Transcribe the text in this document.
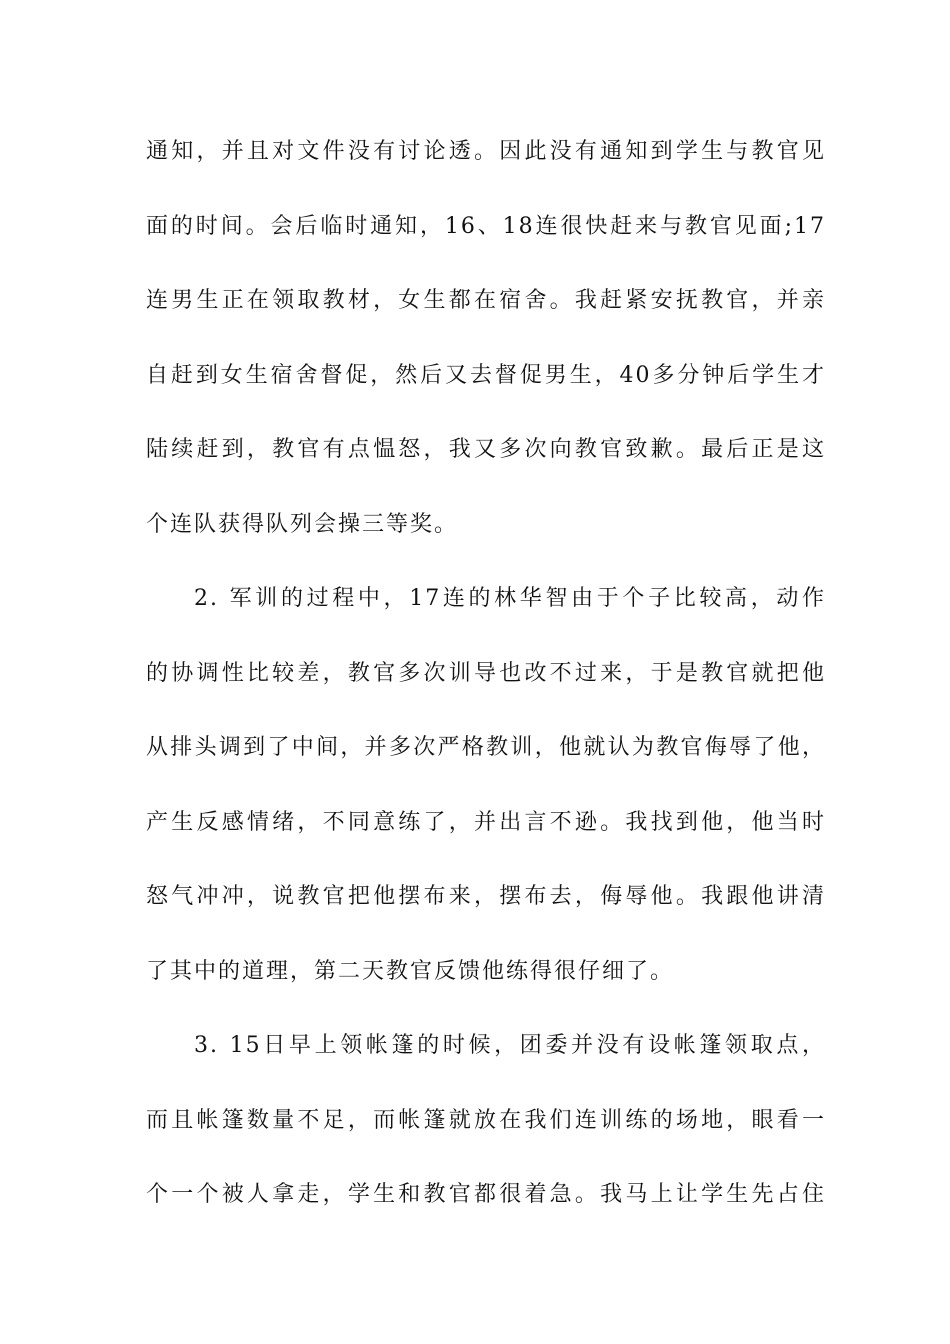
通知，并且对文件没有讨论透。因此没有通知到学生与教官见
面的时间。会后临时通知，16、18连很快赶来与教官见面;17
连男生正在领取教材，女生都在宿舍。我赶紧安抚教官，并亲
自赶到女生宿舍督促，然后又去督促男生，40多分钟后学生才
陆续赶到，教官有点愠怒，我又多次向教官致歉。最后正是这
个连队获得队列会操三等奖。
2. 军训的过程中，17连的林华智由于个子比较高，动作
的协调性比较差，教官多次训导也改不过来，于是教官就把他
从排头调到了中间，并多次严格教训，他就认为教官侮辱了他，
产生反感情绪，不同意练了，并出言不逊。我找到他，他当时
怒气冲冲，说教官把他摆布来，摆布去，侮辱他。我跟他讲清
了其中的道理，第二天教官反馈他练得很仔细了。
3. 15日早上领帐篷的时候，团委并没有设帐篷领取点，
而且帐篷数量不足，而帐篷就放在我们连训练的场地，眼看一
个一个被人拿走，学生和教官都很着急。我马上让学生先占住
